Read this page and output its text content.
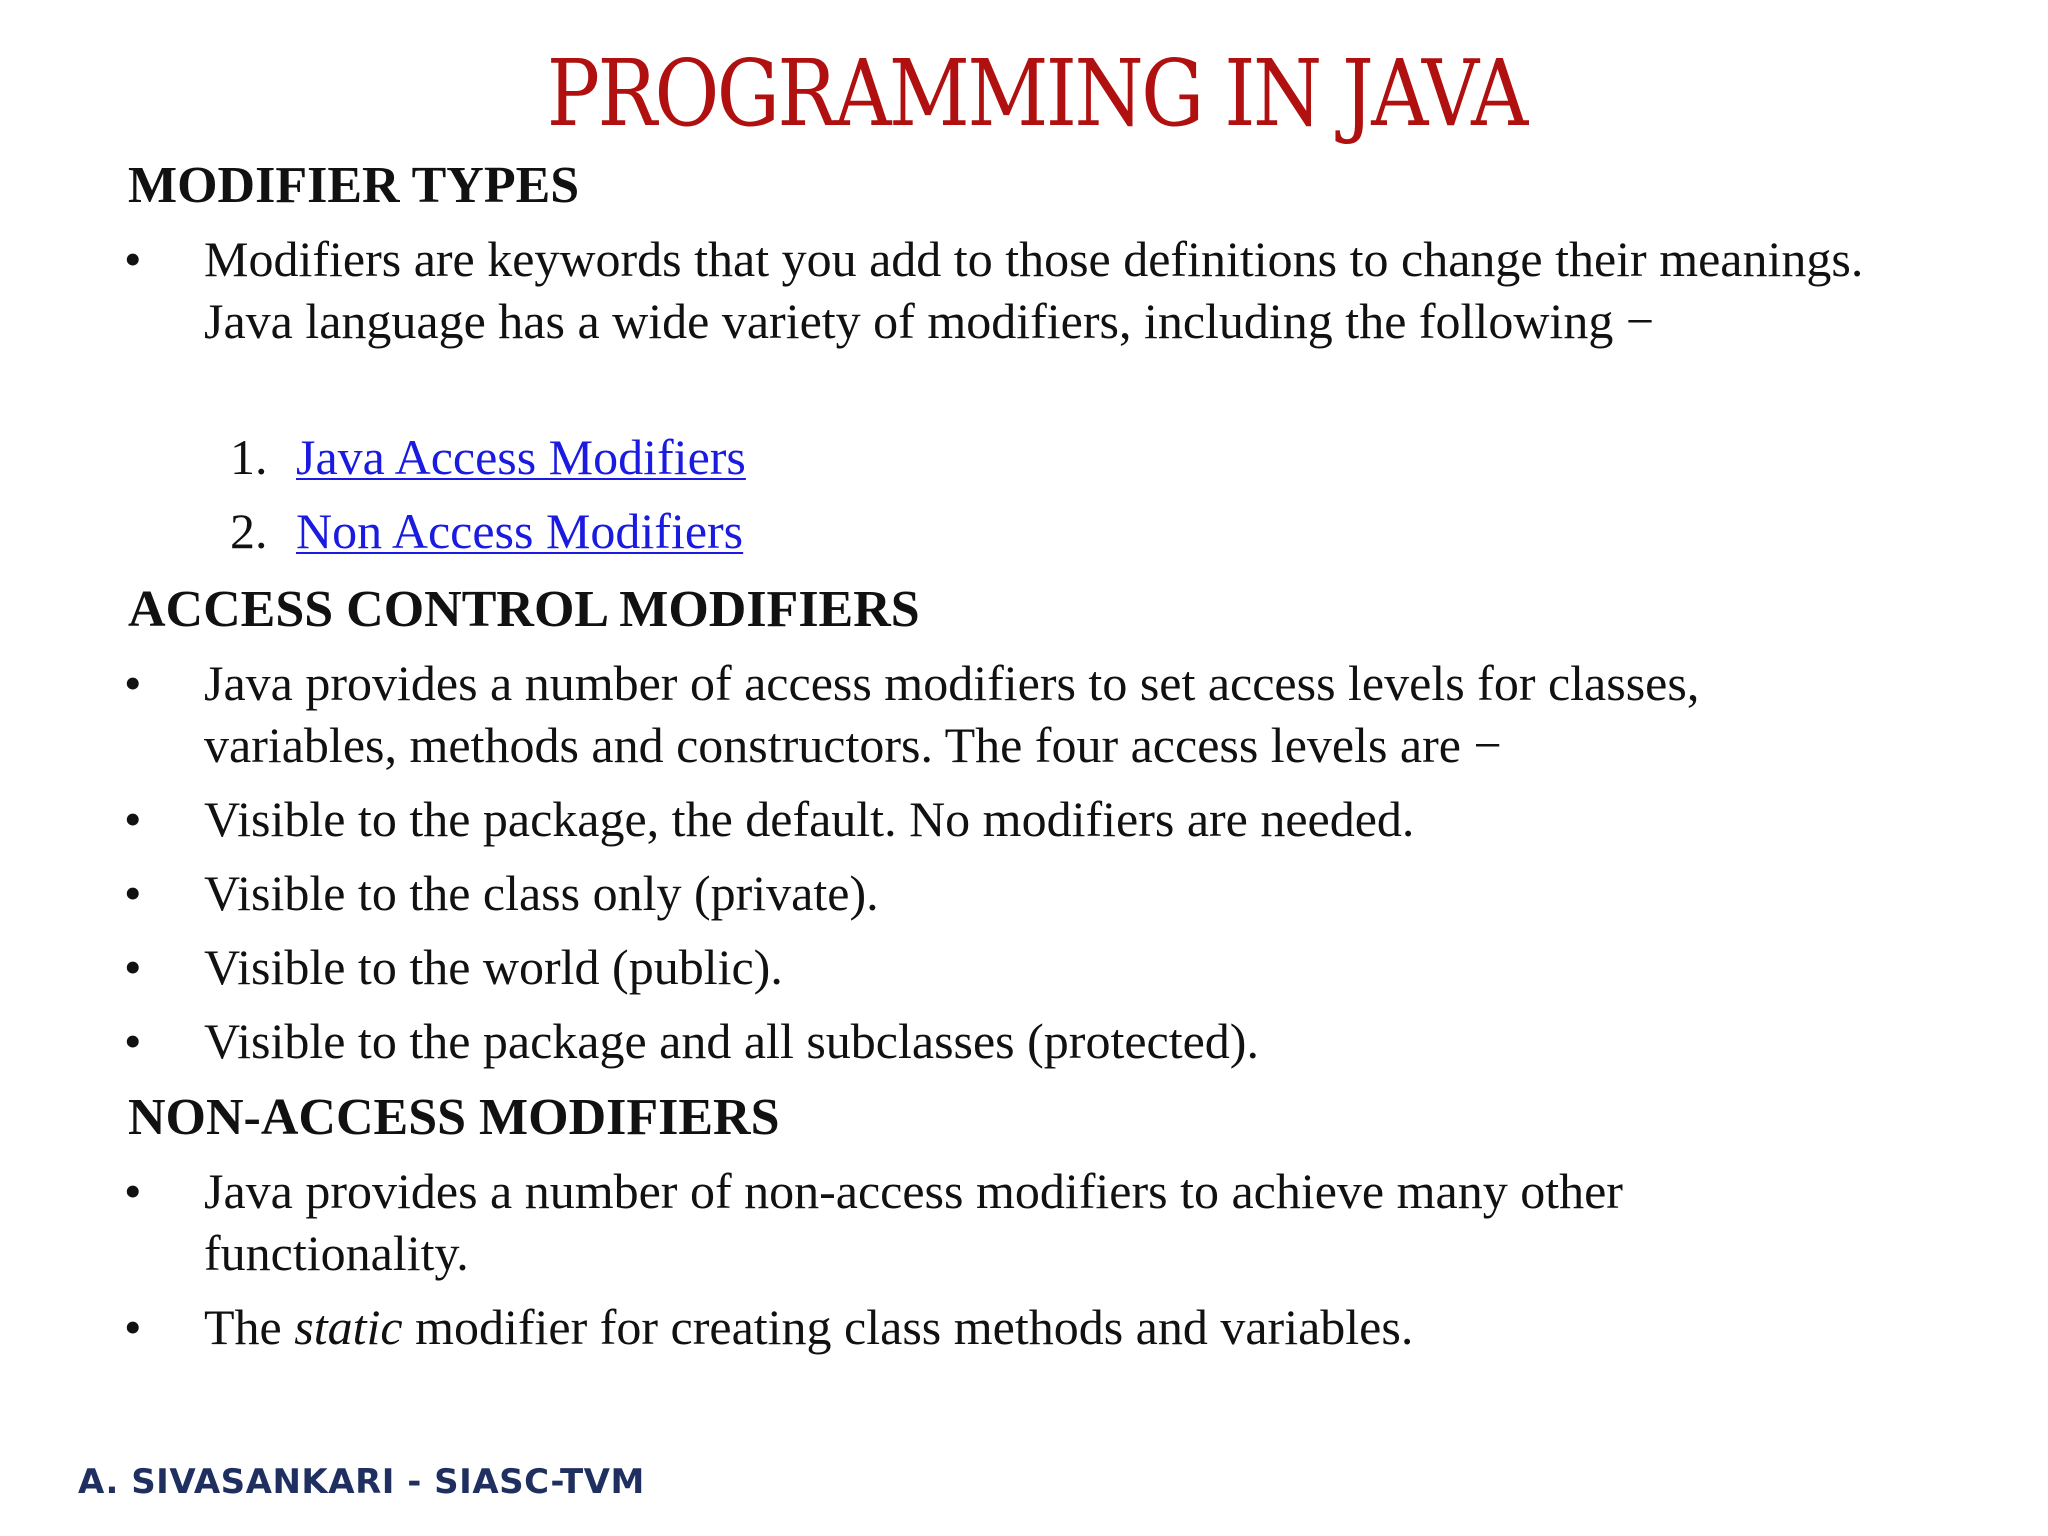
PROGRAMMING IN JAVA
MODIFIER TYPES
•	Modifiers are keywords that you add to those definitions to change their meanings. Java language has a wide variety of modifiers, including the following −
1. Java Access Modifiers
2. Non Access Modifiers
ACCESS CONTROL MODIFIERS
•	Java provides a number of access modifiers to set access levels for classes, variables, methods and constructors. The four access levels are −
•	Visible to the package, the default. No modifiers are needed.
•	Visible to the class only (private).
•	Visible to the world (public).
•	Visible to the package and all subclasses (protected).
NON-ACCESS MODIFIERS
•	Java provides a number of non-access modifiers to achieve many other functionality.
•	The static modifier for creating class methods and variables.
A. SIVASANKARI - SIASC-TVM
